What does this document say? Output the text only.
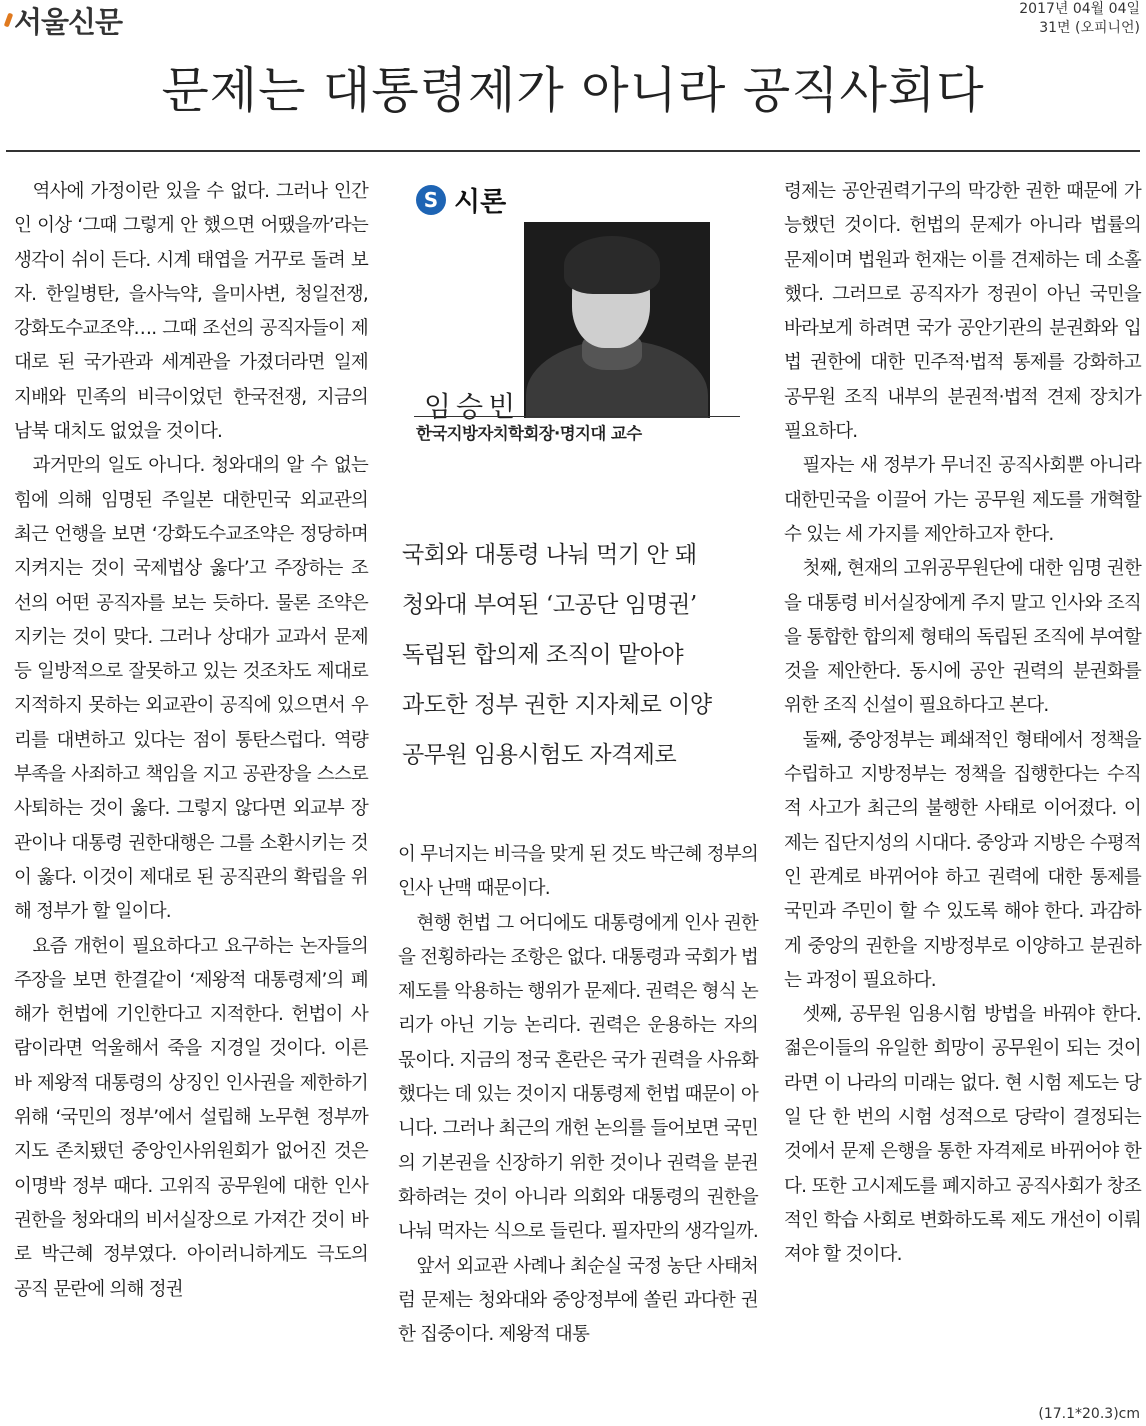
서울신문	2017년 04월 04일
31면 (오피니언)
문제는 대통령제가 아니라 공직사회다

역사에 가정이란 있을 수 없다. 그러나 인간인 이상 ‘그때 그렇게 안 했으면 어땠을까’라는 생각이 쉬이 든다. 시계 태엽을 거꾸로 돌려 보자. 한일병탄, 을사늑약, 을미사변, 청일전쟁, 강화도수교조약…. 그때 조선의 공직자들이 제대로 된 국가관과 세계관을 가졌더라면 일제 지배와 민족의 비극이었던 한국전쟁, 지금의 남북 대치도 없었을 것이다.

과거만의 일도 아니다. 청와대의 알 수 없는 힘에 의해 임명된 주일본 대한민국 외교관의 최근 언행을 보면 ‘강화도수교조약은 정당하며 지켜지는 것이 국제법상 옳다’고 주장하는 조선의 어떤 공직자를 보는 듯하다. 물론 조약은 지키는 것이 맞다. 그러나 상대가 교과서 문제 등 일방적으로 잘못하고 있는 것조차도 제대로 지적하지 못하는 외교관이 공직에 있으면서 우리를 대변하고 있다는 점이 통탄스럽다. 역량 부족을 사죄하고 책임을 지고 공관장을 스스로 사퇴하는 것이 옳다. 그렇지 않다면 외교부 장관이나 대통령 권한대행은 그를 소환시키는 것이 옳다. 이것이 제대로 된 공직관의 확립을 위해 정부가 할 일이다.

요즘 개헌이 필요하다고 요구하는 논자들의 주장을 보면 한결같이 ‘제왕적 대통령제’의 폐해가 헌법에 기인한다고 지적한다. 헌법이 사람이라면 억울해서 죽을 지경일 것이다. 이른바 제왕적 대통령의 상징인 인사권을 제한하기 위해 ‘국민의 정부’에서 설립해 노무현 정부까지도 존치됐던 중앙인사위원회가 없어진 것은 이명박 정부 때다. 고위직 공무원에 대한 인사 권한을 청와대의 비서실장으로 가져간 것이 바로 박근혜 정부였다. 아이러니하게도 극도의 공직 문란에 의해 정권

S 시론
임승빈
한국지방자치학회장·명지대 교수
국회와 대통령 나눠 먹기 안 돼
청와대 부여된 ‘고공단 임명권’
독립된 합의제 조직이 맡아야
과도한 정부 권한 지자체로 이양
공무원 임용시험도 자격제로

이 무너지는 비극을 맞게 된 것도 박근혜 정부의 인사 난맥 때문이다.

현행 헌법 그 어디에도 대통령에게 인사 권한을 전횡하라는 조항은 없다. 대통령과 국회가 법제도를 악용하는 행위가 문제다. 권력은 형식 논리가 아닌 기능 논리다. 권력은 운용하는 자의 몫이다. 지금의 정국 혼란은 국가 권력을 사유화했다는 데 있는 것이지 대통령제 헌법 때문이 아니다. 그러나 최근의 개헌 논의를 들어보면 국민의 기본권을 신장하기 위한 것이나 권력을 분권화하려는 것이 아니라 의회와 대통령의 권한을 나눠 먹자는 식으로 들린다. 필자만의 생각일까.

앞서 외교관 사례나 최순실 국정 농단 사태처럼 문제는 청와대와 중앙정부에 쏠린 과다한 권한 집중이다. 제왕적 대통

령제는 공안권력기구의 막강한 권한 때문에 가능했던 것이다. 헌법의 문제가 아니라 법률의 문제이며 법원과 헌재는 이를 견제하는 데 소홀했다. 그러므로 공직자가 정권이 아닌 국민을 바라보게 하려면 국가 공안기관의 분권화와 입법 권한에 대한 민주적·법적 통제를 강화하고 공무원 조직 내부의 분권적·법적 견제 장치가 필요하다.

필자는 새 정부가 무너진 공직사회뿐 아니라 대한민국을 이끌어 가는 공무원 제도를 개혁할 수 있는 세 가지를 제안하고자 한다.

첫째, 현재의 고위공무원단에 대한 임명 권한을 대통령 비서실장에게 주지 말고 인사와 조직을 통합한 합의제 형태의 독립된 조직에 부여할 것을 제안한다. 동시에 공안 권력의 분권화를 위한 조직 신설이 필요하다고 본다.

둘째, 중앙정부는 폐쇄적인 형태에서 정책을 수립하고 지방정부는 정책을 집행한다는 수직적 사고가 최근의 불행한 사태로 이어졌다. 이제는 집단지성의 시대다. 중앙과 지방은 수평적인 관계로 바뀌어야 하고 권력에 대한 통제를 국민과 주민이 할 수 있도록 해야 한다. 과감하게 중앙의 권한을 지방정부로 이양하고 분권하는 과정이 필요하다.

셋째, 공무원 임용시험 방법을 바꿔야 한다. 젊은이들의 유일한 희망이 공무원이 되는 것이라면 이 나라의 미래는 없다. 현 시험 제도는 당일 단 한 번의 시험 성적으로 당락이 결정되는 것에서 문제 은행을 통한 자격제로 바뀌어야 한다. 또한 고시제도를 폐지하고 공직사회가 창조적인 학습 사회로 변화하도록 제도 개선이 이뤄져야 할 것이다.

(17.1*20.3)cm
